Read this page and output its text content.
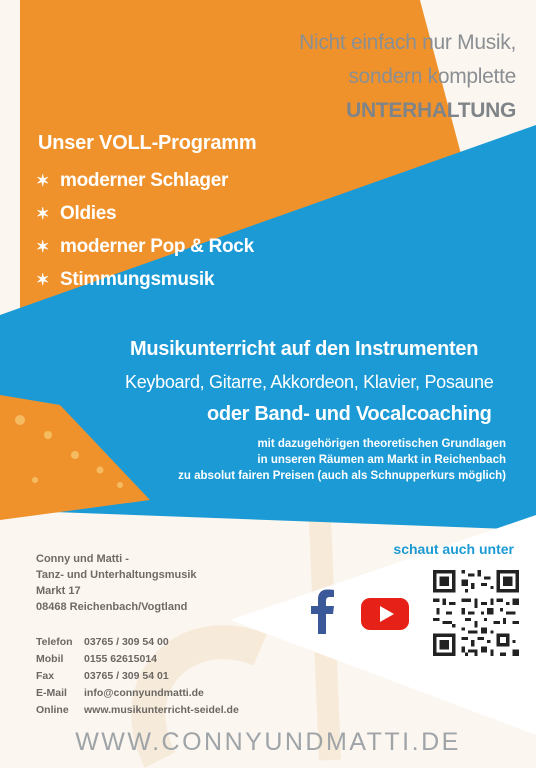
Nicht einfach nur Musik,
sondern komplette
UNTERHALTUNG
Unser VOLL-Programm
✶ moderner Schlager
✶ Oldies
✶ moderner Pop & Rock
✶ Stimmungsmusik
Musikunterricht auf den Instrumenten
Keyboard, Gitarre, Akkordeon, Klavier, Posaune
oder Band- und Vocalcoaching
mit dazugehörigen theoretischen Grundlagen
in unseren Räumen am Markt in Reichenbach
zu absolut fairen Preisen (auch als Schnupperkurs möglich)
Conny und Matti -
Tanz- und Unterhaltungsmusik
Markt 17
08468 Reichenbach/Vogtland
Telefon	03765 / 309 54 00
Mobil	0155 62615014
Fax	03765 / 309 54 01
E-Mail	info@connyundmatti.de
Online	www.musikunterricht-seidel.de
schaut auch unter
WWW.CONNYUNDMATTI.DE
